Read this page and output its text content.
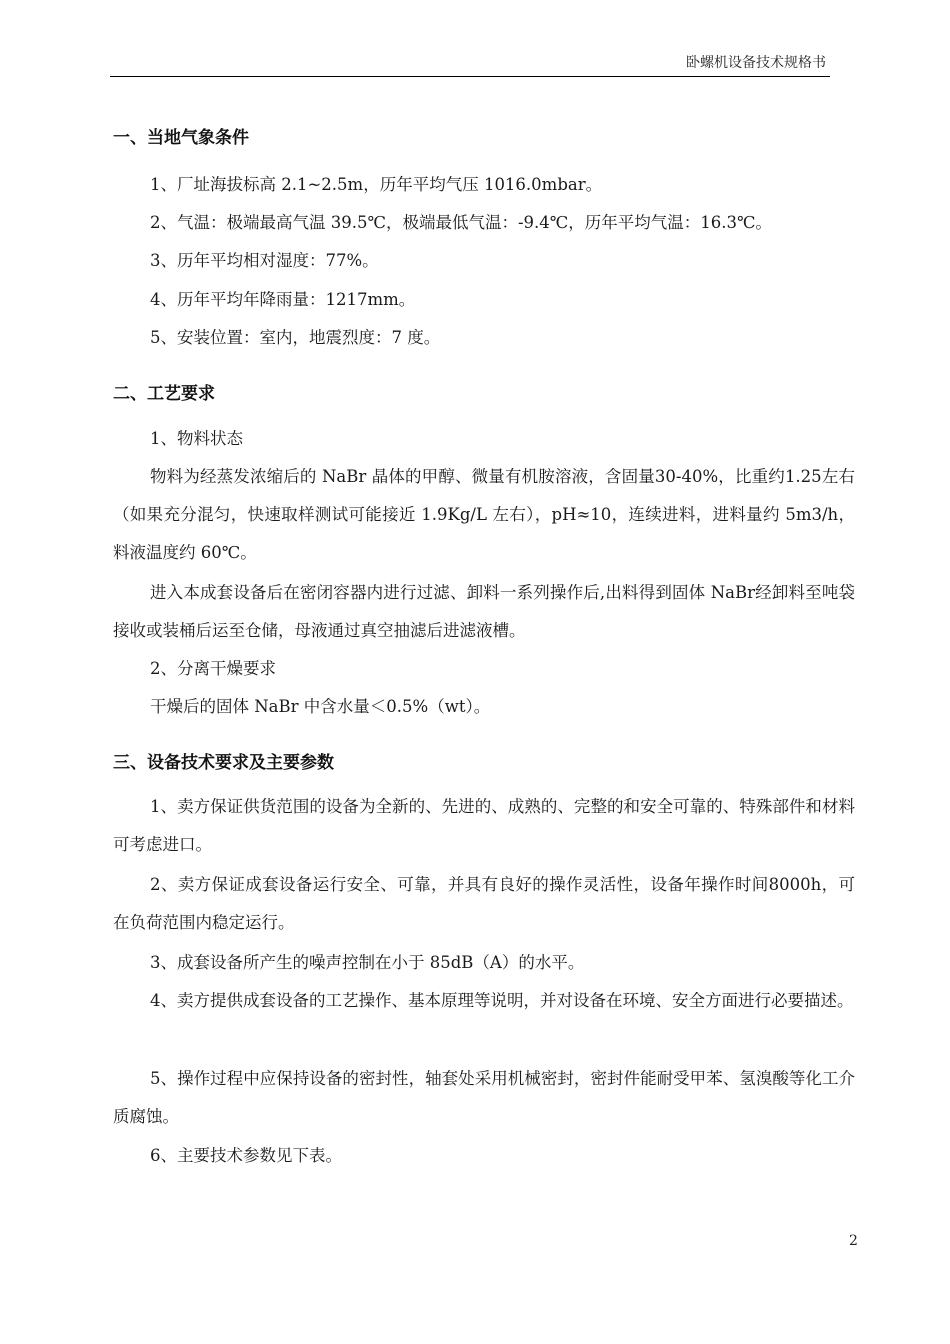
卧螺机设备技术规格书
一、当地气象条件
1、厂址海拔标高 2.1~2.5m，历年平均气压 1016.0mbar。
2、气温：极端最高气温 39.5℃，极端最低气温：-9.4℃，历年平均气温：16.3℃。
3、历年平均相对湿度：77%。
4、历年平均年降雨量：1217mm。
5、安装位置：室内，地震烈度：7 度。
二、工艺要求
1、物料状态
物料为经蒸发浓缩后的 NaBr 晶体的甲醇、微量有机胺溶液，含固量30-40%，比重约1.25左右（如果充分混匀，快速取样测试可能接近 1.9Kg/L 左右），pH≈10，连续进料，进料量约 5m3/h，料液温度约 60℃。
进入本成套设备后在密闭容器内进行过滤、卸料一系列操作后,出料得到固体 NaBr经卸料至吨袋接收或装桶后运至仓储，母液通过真空抽滤后进滤液槽。
2、分离干燥要求
干燥后的固体 NaBr 中含水量＜0.5%（wt）。
三、设备技术要求及主要参数
1、卖方保证供货范围的设备为全新的、先进的、成熟的、完整的和安全可靠的、特殊部件和材料可考虑进口。
2、卖方保证成套设备运行安全、可靠，并具有良好的操作灵活性，设备年操作时间8000h，可在负荷范围内稳定运行。
3、成套设备所产生的噪声控制在小于 85dB（A）的水平。
4、卖方提供成套设备的工艺操作、基本原理等说明，并对设备在环境、安全方面进行必要描述。
5、操作过程中应保持设备的密封性，轴套处采用机械密封，密封件能耐受甲苯、氢溴酸等化工介质腐蚀。
6、主要技术参数见下表。
2
